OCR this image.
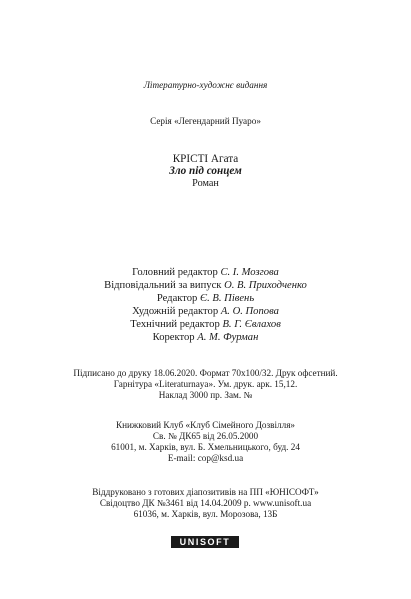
Літературно-художнє видання
Серія «Легендарний Пуаро»
КРІСТІ Агата
Зло під сонцем
Роман
Головний редактор С. І. Мозгова
Відповідальний за випуск О. В. Приходченко
Редактор Є. В. Півень
Художній редактор А. О. Попова
Технічний редактор В. Г. Євлахов
Коректор А. М. Фурман
Підписано до друку 18.06.2020. Формат 70x100/32. Друк офсетний.
Гарнітура «Literaturnaya». Ум. друк. арк. 15,12.
Наклад 3000 пр. Зам. №
Книжковий Клуб «Клуб Сімейного Дозвілля»
Св. № ДК65 від 26.05.2000
61001, м. Харків, вул. Б. Хмельницького, буд. 24
E-mail: cop@ksd.ua
Віддруковано з готових діапозитивів на ПП «ЮНІСОФТ»
Свідоцтво ДК №3461 від 14.04.2009 р. www.unisoft.ua
61036, м. Харків, вул. Морозова, 13Б
UNISOFT
